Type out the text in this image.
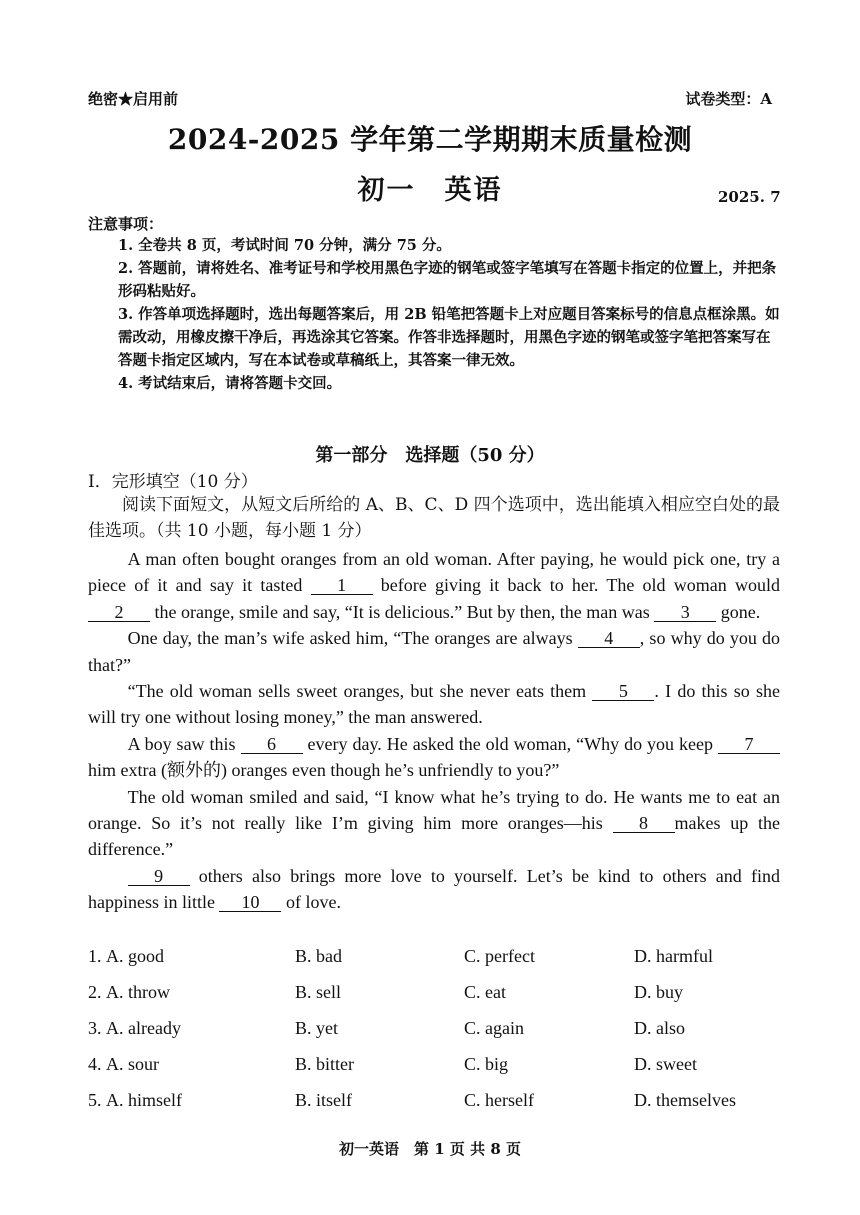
绝密★启用前	试卷类型：A
2024-2025 学年第二学期期末质量检测
初一　英语	2025. 7
注意事项：

1. 全卷共 8 页，考试时间 70 分钟，满分 75 分。

2. 答题前，请将姓名、准考证号和学校用黑色字迹的钢笔或签字笔填写在答题卡指定的位置上，并把条形码粘贴好。

3. 作答单项选择题时，选出每题答案后，用 2B 铅笔把答题卡上对应题目答案标号的信息点框涂黑。如需改动，用橡皮擦干净后，再选涂其它答案。作答非选择题时，用黑色字迹的钢笔或签字笔把答案写在答题卡指定区域内，写在本试卷或草稿纸上，其答案一律无效。

4. 考试结束后，请将答题卡交回。

第一部分　选择题（50 分）
I．完形填空（10 分）

阅读下面短文，从短文后所给的 A、B、C、D 四个选项中，选出能填入相应空白处的最佳选项。（共 10 小题，每小题 1 分）

A man often bought oranges from an old woman. After paying, he would pick one, try a piece of it and say it tasted 1 before giving it back to her. The old woman would 2 the orange, smile and say, “It is delicious.” But by then, the man was 3 gone.

One day, the man’s wife asked him, “The oranges are always 4 , so why do you do that?”

“The old woman sells sweet oranges, but she never eats them 5 . I do this so she will try one without losing money,” the man answered.

A boy saw this 6 every day. He asked the old woman, “Why do you keep 7 him extra (额外的) oranges even though he’s unfriendly to you?”

The old woman smiled and said, “I know what he’s trying to do. He wants me to eat an orange. So it’s not really like I’m giving him more oranges—his 8 makes up the difference.”

9 others also brings more love to yourself. Let’s be kind to others and find happiness in little 10 of love.

1. A. good	B. bad	C. perfect	D. harmful
2. A. throw	B. sell	C. eat	D. buy
3. A. already	B. yet	C. again	D. also
4. A. sour	B. bitter	C. big	D. sweet
5. A. himself	B. itself	C. herself	D. themselves
初一英语　第 1 页 共 8 页
